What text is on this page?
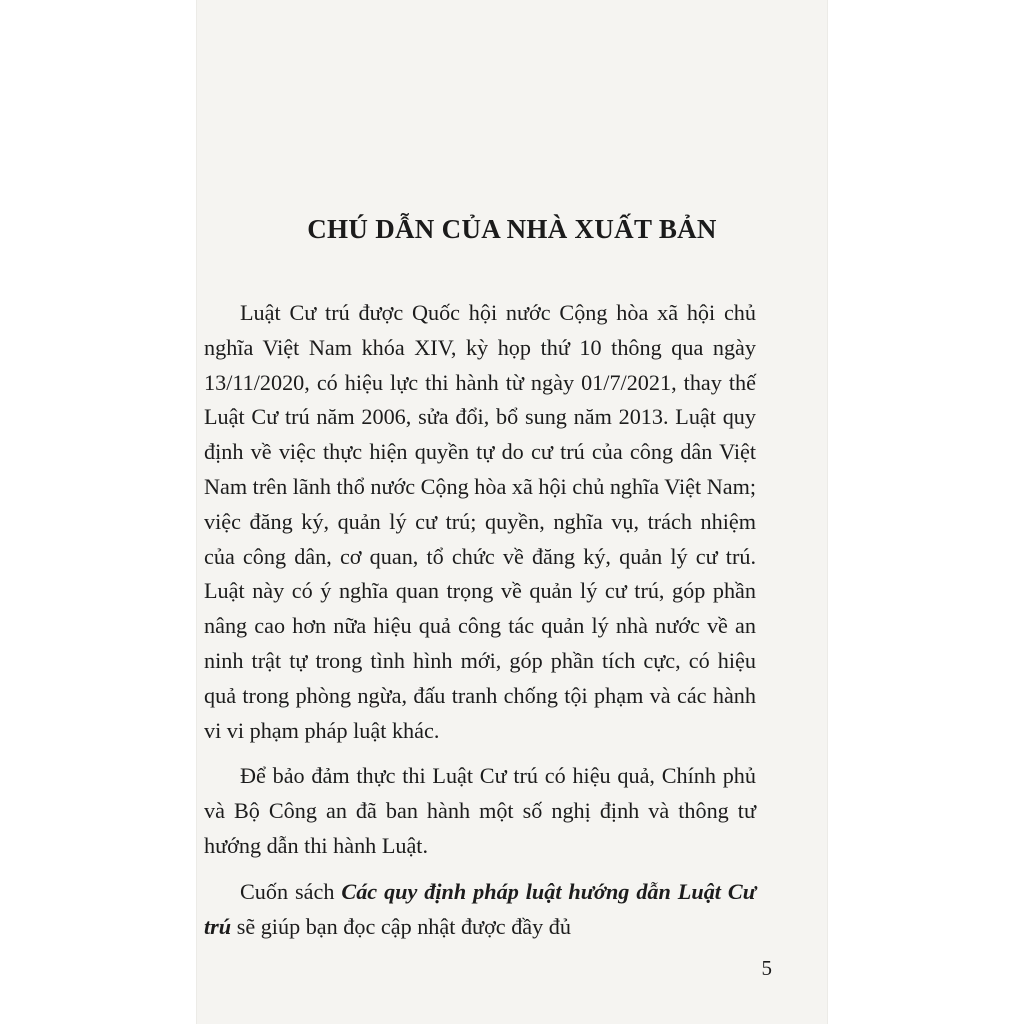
CHÚ DẪN CỦA NHÀ XUẤT BẢN

Luật Cư trú được Quốc hội nước Cộng hòa xã hội chủ nghĩa Việt Nam khóa XIV, kỳ họp thứ 10 thông qua ngày 13/11/2020, có hiệu lực thi hành từ ngày 01/7/2021, thay thế Luật Cư trú năm 2006, sửa đổi, bổ sung năm 2013. Luật quy định về việc thực hiện quyền tự do cư trú của công dân Việt Nam trên lãnh thổ nước Cộng hòa xã hội chủ nghĩa Việt Nam; việc đăng ký, quản lý cư trú; quyền, nghĩa vụ, trách nhiệm của công dân, cơ quan, tổ chức về đăng ký, quản lý cư trú. Luật này có ý nghĩa quan trọng về quản lý cư trú, góp phần nâng cao hơn nữa hiệu quả công tác quản lý nhà nước về an ninh trật tự trong tình hình mới, góp phần tích cực, có hiệu quả trong phòng ngừa, đấu tranh chống tội phạm và các hành vi vi phạm pháp luật khác.

Để bảo đảm thực thi Luật Cư trú có hiệu quả, Chính phủ và Bộ Công an đã ban hành một số nghị định và thông tư hướng dẫn thi hành Luật.

Cuốn sách Các quy định pháp luật hướng dẫn Luật Cư trú sẽ giúp bạn đọc cập nhật được đầy đủ

5
